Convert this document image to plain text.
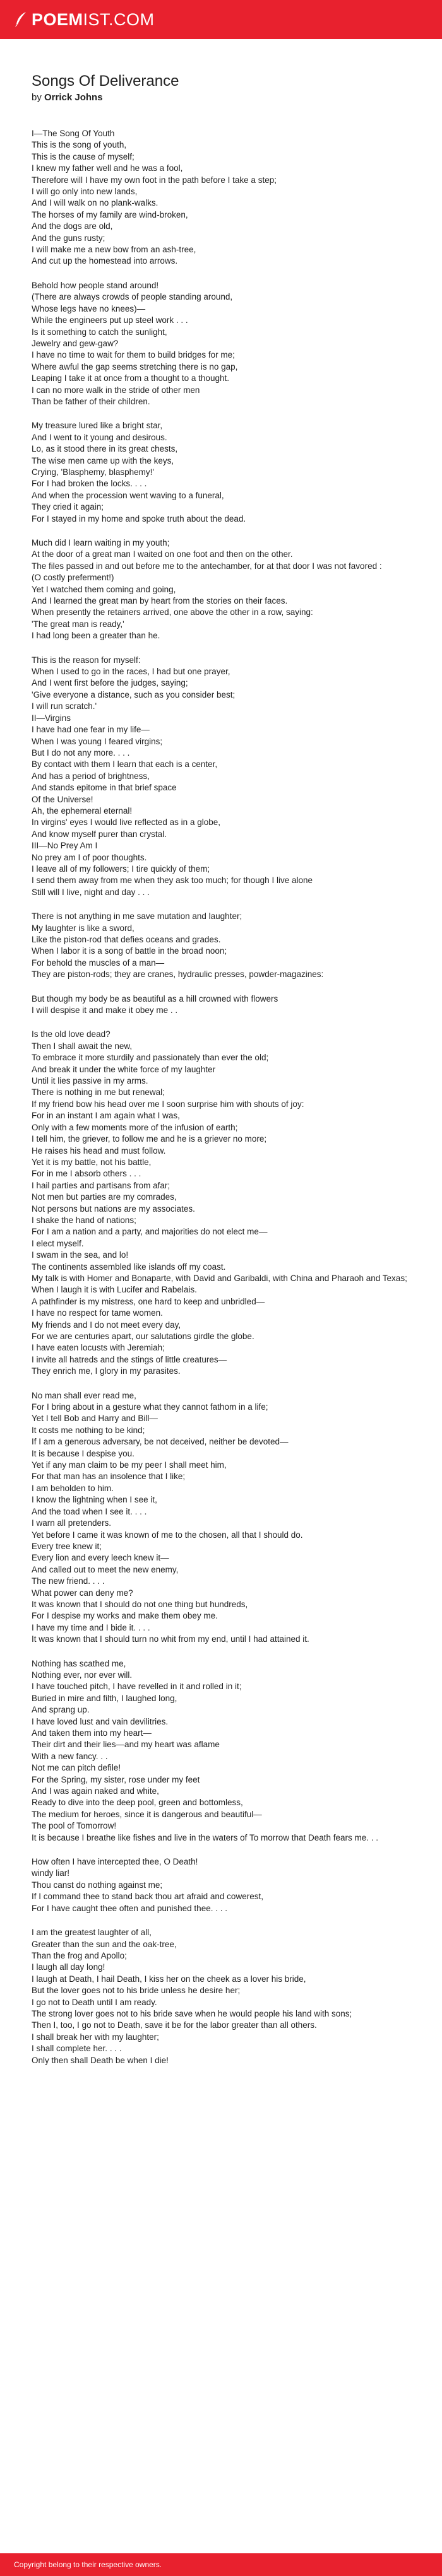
POEMIST.COM
Songs Of Deliverance
by Orrick Johns
I—The Song Of Youth
This is the song of youth,
This is the cause of myself;
I knew my father well and he was a fool,
Therefore will I have my own foot in the path before I take a step;
I will go only into new lands,
And I will walk on no plank-walks.
The horses of my family are wind-broken,
And the dogs are old,
And the guns rusty;
I will make me a new bow from an ash-tree,
And cut up the homestead into arrows.
Behold how people stand around!
(There are always crowds of people standing around,
Whose legs have no knees)—
While the engineers put up steel work . . .
Is it something to catch the sunlight,
Jewelry and gew-gaw?
I have no time to wait for them to build bridges for me;
Where awful the gap seems stretching there is no gap,
Leaping I take it at once from a thought to a thought.
I can no more walk in the stride of other men
Than be father of their children.
My treasure lured like a bright star,
And I went to it young and desirous.
Lo, as it stood there in its great chests,
The wise men came up with the keys,
Crying, 'Blasphemy, blasphemy!'
For I had broken the locks. . . .
And when the procession went waving to a funeral,
They cried it again;
For I stayed in my home and spoke truth about the dead.
Much did I learn waiting in my youth;
At the door of a great man I waited on one foot and then on the other.
The files passed in and out before me to the antechamber, for at that door I was not favored :
(O costly preferment!)
Yet I watched them coming and going,
And I learned the great man by heart from the stories on their faces.
When presently the retainers arrived, one above the other in a row, saying:
'The great man is ready,'
I had long been a greater than he.
This is the reason for myself:
When I used to go in the races, I had but one prayer,
And I went first before the judges, saying;
'Give everyone a distance, such as you consider best;
I will run scratch.'
II—Virgins
I have had one fear in my life—
When I was young I feared virgins;
But I do not any more. . . .
By contact with them I learn that each is a center,
And has a period of brightness,
And stands epitome in that brief space
Of the Universe!
Ah, the ephemeral eternal!
In virgins' eyes I would live reflected as in a globe,
And know myself purer than crystal.
III—No Prey Am I
No prey am I of poor thoughts.
I leave all of my followers; I tire quickly of them;
I send them away from me when they ask too much; for though I live alone
Still will I live, night and day . . .
There is not anything in me save mutation and laughter;
My laughter is like a sword,
Like the piston-rod that defies oceans and grades.
When I labor it is a song of battle in the broad noon;
For behold the muscles of a man—
They are piston-rods; they are cranes, hydraulic presses, powder-magazines:
But though my body be as beautiful as a hill crowned with flowers
I will despise it and make it obey me . .
Is the old love dead?
Then I shall await the new,
To embrace it more sturdily and passionately than ever the old;
And break it under the white force of my laughter
Until it lies passive in my arms.
There is nothing in me but renewal;
If my friend bow his head over me I soon surprise him with shouts of joy:
For in an instant I am again what I was,
Only with a few moments more of the infusion of earth;
I tell him, the griever, to follow me and he is a griever no more;
He raises his head and must follow.
Yet it is my battle, not his battle,
For in me I absorb others . . .
I hail parties and partisans from afar;
Not men but parties are my comrades,
Not persons but nations are my associates.
I shake the hand of nations;
For I am a nation and a party, and majorities do not elect me—
I elect myself.
I swam in the sea, and lo!
The continents assembled like islands off my coast.
My talk is with Homer and Bonaparte, with David and Garibaldi, with China and Pharaoh and Texas;
When I laugh it is with Lucifer and Rabelais.
A pathfinder is my mistress, one hard to keep and unbridled—
I have no respect for tame women.
My friends and I do not meet every day,
For we are centuries apart, our salutations girdle the globe.
I have eaten locusts with Jeremiah;
I invite all hatreds and the stings of little creatures—
They enrich me, I glory in my parasites.
No man shall ever read me,
For I bring about in a gesture what they cannot fathom in a life;
Yet I tell Bob and Harry and Bill—
It costs me nothing to be kind;
If I am a generous adversary, be not deceived, neither be devoted—
It is because I despise you.
Yet if any man claim to be my peer I shall meet him,
For that man has an insolence that I like;
I am beholden to him.
I know the lightning when I see it,
And the toad when I see it. . . .
I warn all pretenders.
Yet before I came it was known of me to the chosen, all that I should do.
Every tree knew it;
Every lion and every leech knew it—
And called out to meet the new enemy,
The new friend. . . .
What power can deny me?
It was known that I should do not one thing but hundreds,
For I despise my works and make them obey me.
I have my time and I bide it. . . .
It was known that I should turn no whit from my end, until I had attained it.
Nothing has scathed me,
Nothing ever, nor ever will.
I have touched pitch, I have revelled in it and rolled in it;
Buried in mire and filth, I laughed long,
And sprang up.
I have loved lust and vain devilitries.
And taken them into my heart—
Their dirt and their lies—and my heart was aflame
With a new fancy. . .
Not me can pitch defile!
For the Spring, my sister, rose under my feet
And I was again naked and white,
Ready to dive into the deep pool, green and bottomless,
The medium for heroes, since it is dangerous and beautiful—
The pool of Tomorrow!
It is because I breathe like fishes and live in the waters of To morrow that Death fears me. . .
How often I have intercepted thee, O Death!
windy liar!
Thou canst do nothing against me;
If I command thee to stand back thou art afraid and cowerest,
For I have caught thee often and punished thee. . . .
I am the greatest laughter of all,
Greater than the sun and the oak-tree,
Than the frog and Apollo;
I laugh all day long!
I laugh at Death, I hail Death, I kiss her on the cheek as a lover his bride,
But the lover goes not to his bride unless he desire her;
I go not to Death until I am ready.
The strong lover goes not to his bride save when he would people his land with sons;
Then I, too, I go not to Death, save it be for the labor greater than all others.
I shall break her with my laughter;
I shall complete her. . . .
Only then shall Death be when I die!
Copyright belong to their respective owners.
